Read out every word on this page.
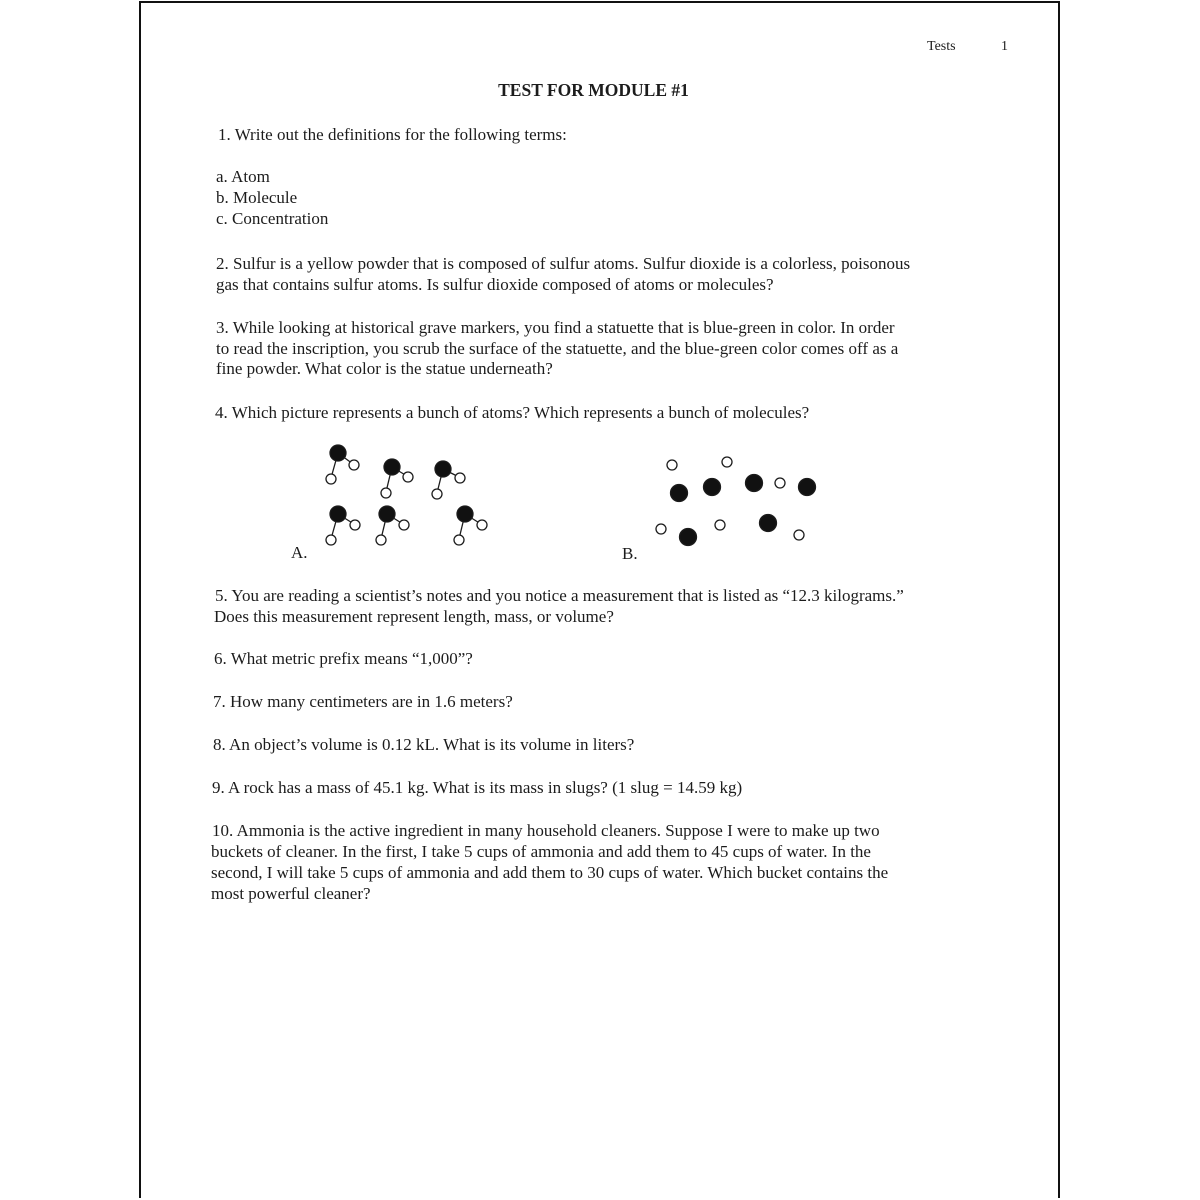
Tests	1
TEST FOR MODULE #1
1. Write out the definitions for the following terms:
a. Atom
b. Molecule
c. Concentration
2. Sulfur is a yellow powder that is composed of sulfur atoms. Sulfur dioxide is a colorless, poisonous
gas that contains sulfur atoms. Is sulfur dioxide composed of atoms or molecules?
3. While looking at historical grave markers, you find a statuette that is blue-green in color. In order
to read the inscription, you scrub the surface of the statuette, and the blue-green color comes off as a
fine powder. What color is the statue underneath?
4. Which picture represents a bunch of atoms? Which represents a bunch of molecules?
A.	B.
5. You are reading a scientist’s notes and you notice a measurement that is listed as “12.3 kilograms.”
Does this measurement represent length, mass, or volume?
6. What metric prefix means “1,000”?
7. How many centimeters are in 1.6 meters?
8. An object’s volume is 0.12 kL. What is its volume in liters?
9. A rock has a mass of 45.1 kg. What is its mass in slugs? (1 slug = 14.59 kg)
10. Ammonia is the active ingredient in many household cleaners. Suppose I were to make up two
buckets of cleaner. In the first, I take 5 cups of ammonia and add them to 45 cups of water. In the
second, I will take 5 cups of ammonia and add them to 30 cups of water. Which bucket contains the
most powerful cleaner?
